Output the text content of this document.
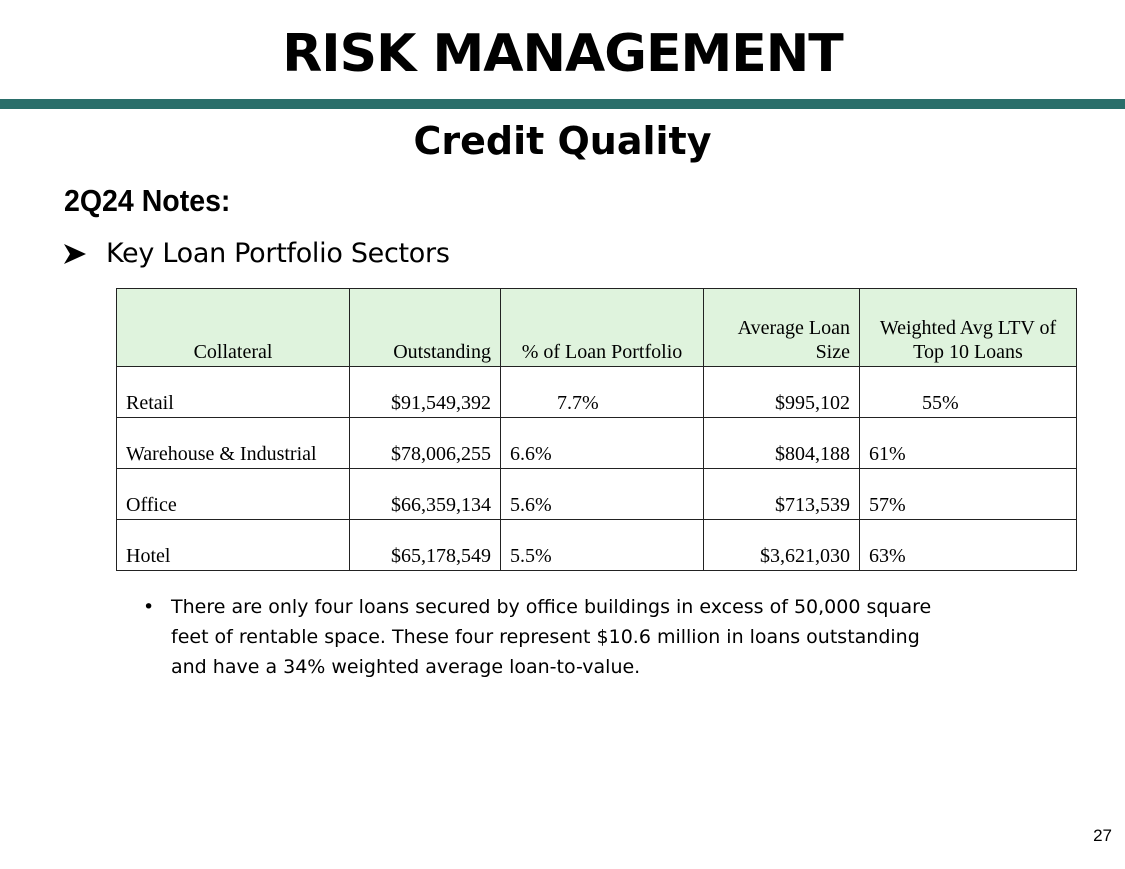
RISK MANAGEMENT
Credit Quality
2Q24 Notes:
Key Loan Portfolio Sectors
Collateral	Outstanding	% of Loan Portfolio	Average Loan Size	Weighted Avg LTV of Top 10 Loans
Retail	$91,549,392	7.7%	$995,102	55%
Warehouse & Industrial	$78,006,255	6.6%	$804,188	61%
Office	$66,359,134	5.6%	$713,539	57%
Hotel	$65,178,549	5.5%	$3,621,030	63%
• There are only four loans secured by office buildings in excess of 50,000 square feet of rentable space. These four represent $10.6 million in loans outstanding and have a 34% weighted average loan-to-value.
27
